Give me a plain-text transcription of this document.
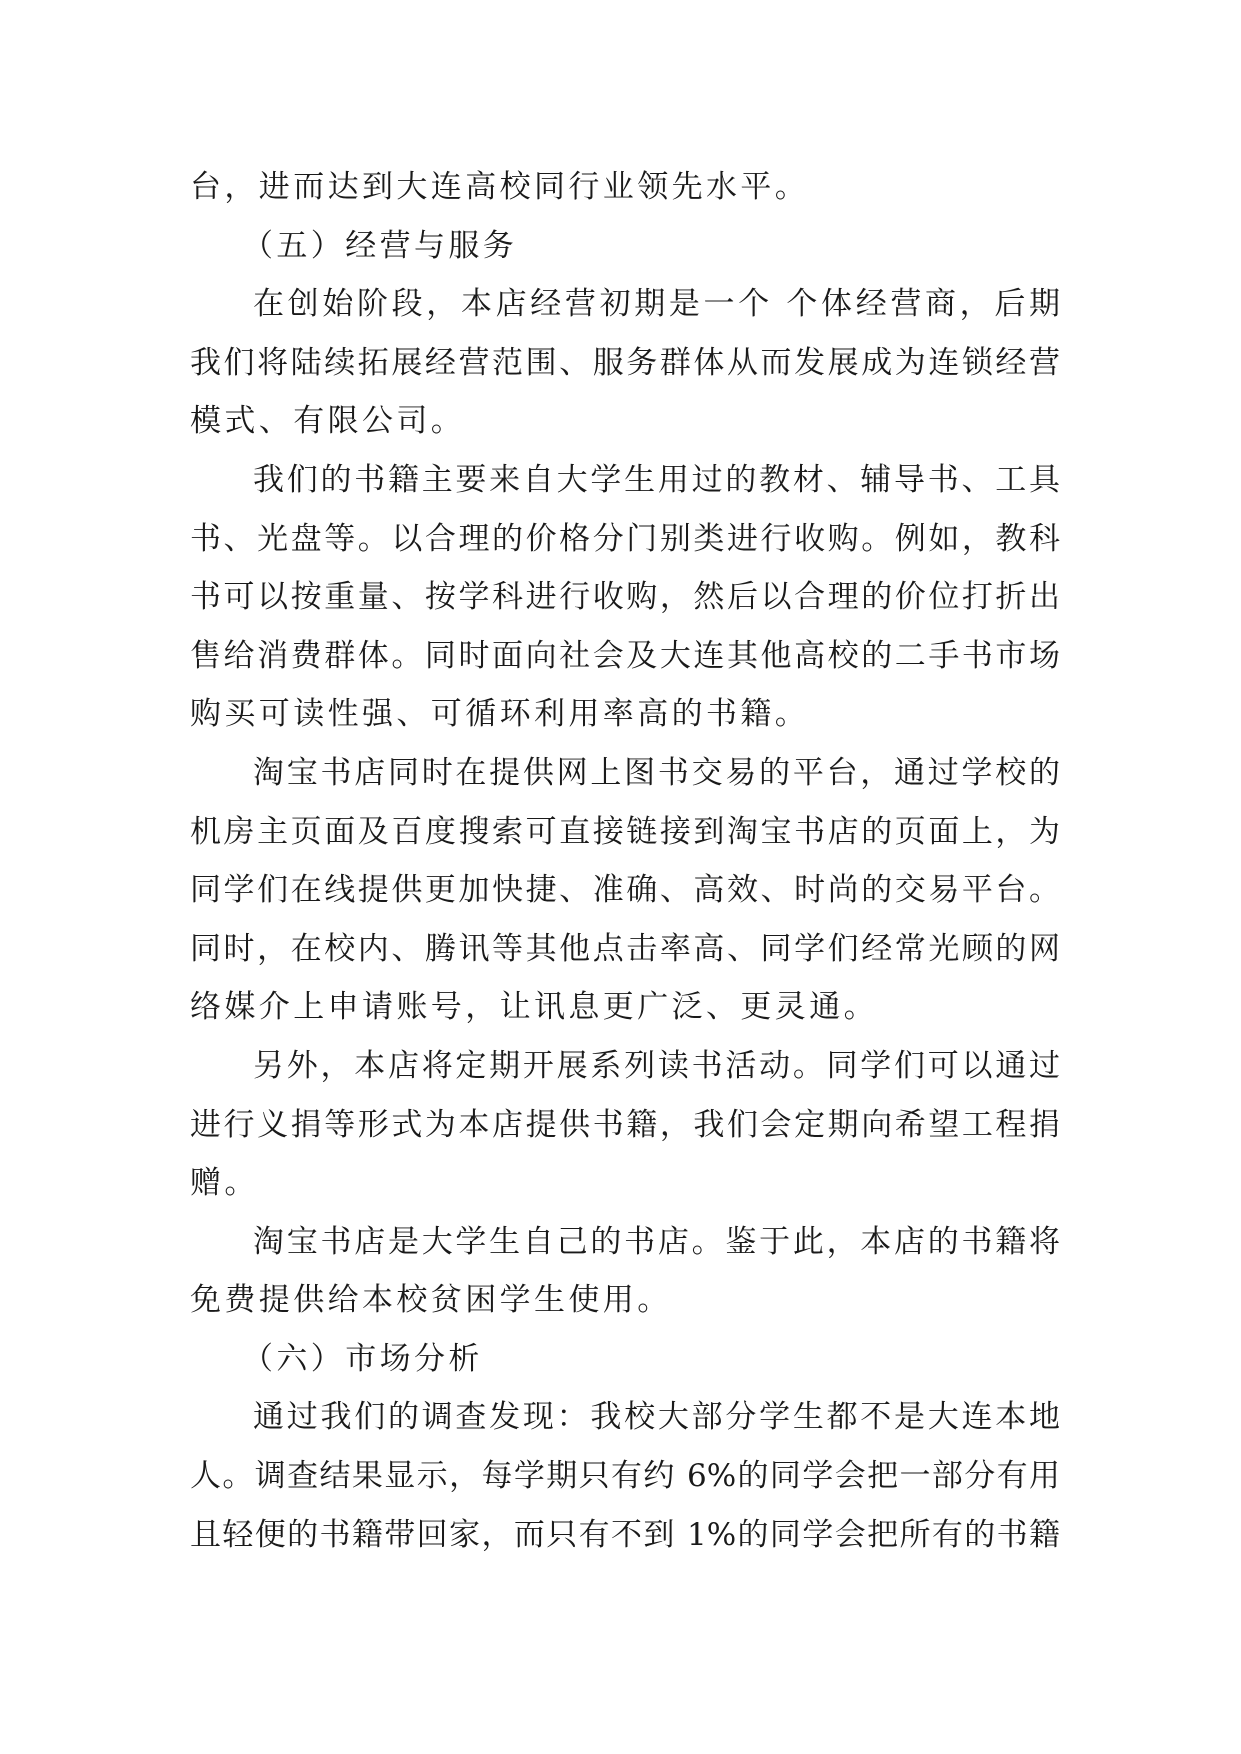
台，进而达到大连高校同行业领先水平。
（五）经营与服务
在创始阶段，本店经营初期是一个 个体经营商，后期
我们将陆续拓展经营范围、服务群体从而发展成为连锁经营
模式、有限公司。
我们的书籍主要来自大学生用过的教材、辅导书、工具
书、光盘等。以合理的价格分门别类进行收购。例如，教科
书可以按重量、按学科进行收购，然后以合理的价位打折出
售给消费群体。同时面向社会及大连其他高校的二手书市场
购买可读性强、可循环利用率高的书籍。
淘宝书店同时在提供网上图书交易的平台，通过学校的
机房主页面及百度搜索可直接链接到淘宝书店的页面上，为
同学们在线提供更加快捷、准确、高效、时尚的交易平台。
同时，在校内、腾讯等其他点击率高、同学们经常光顾的网
络媒介上申请账号，让讯息更广泛、更灵通。
另外，本店将定期开展系列读书活动。同学们可以通过
进行义捐等形式为本店提供书籍，我们会定期向希望工程捐
赠。
淘宝书店是大学生自己的书店。鉴于此，本店的书籍将
免费提供给本校贫困学生使用。
（六）市场分析
通过我们的调查发现：我校大部分学生都不是大连本地
人。调查结果显示，每学期只有约 6%的同学会把一部分有用
且轻便的书籍带回家，而只有不到 1%的同学会把所有的书籍
